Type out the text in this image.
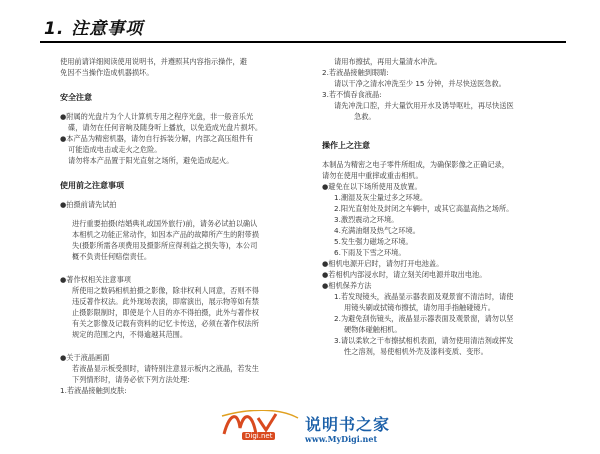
1. 注意事项

使用前请详细阅读使用说明书，并遵照其内容指示操作，避

免因不当操作造成机器损坏。

安全注意

●附属的光盘片为个人计算机专用之程序光盘，非一般音乐光

碟，请勿在任何音响及随身听上播放，以免造成光盘片损坏。

●本产品为精密机器，请勿自行拆装分解，内部之高压组件有

可能造成电击或走火之危险。

请勿将本产品置于阳光直射之场所，避免造成起火。

使用前之注意事项

●拍摄前请先试拍

进行重要拍摄(结婚典礼或国外旅行)前，请务必试拍以确认

本相机之功能正常动作，如因本产品的故障所产生的附带损

失(摄影所需各项费用及摄影所应得利益之损失等)，本公司

概不负责任何赔偿责任。

●著作权相关注意事项

所使用之数码相机拍摄之影像，除非权利人同意，否则不得

违反著作权法。此外现场表演，即席演出，展示物等如有禁

止摄影限制时，即使是个人目的亦不得拍摄，此外与著作权

有关之影像及记载有资料的记忆卡传送，必须在著作权法所

规定的范围之内，不得逾越其范围。

●关于液晶画面

若液晶显示板受损时，请特别注意显示板内之液晶，若发生

下列情形时，请务必依下列方法处理：

1.若液晶接触到皮肤:

请用布擦拭，再用大量清水冲洗。

2.若液晶接触到眼睛:

请以干净之清水冲洗至少 15 分钟，并尽快送医急救。

3.若不慎吞食液晶:

请先冲洗口腔，并大量饮用开水及诱导呕吐，再尽快送医

急救。

操作上之注意

本制品为精密之电子零件所组成，为确保影像之正确记录，

请勿在使用中重摔或重击相机。

●避免在以下场所使用及放置。

1.潮湿及灰尘量过多之环境。

2.阳光直射处及封闭之车辆中，或其它高温高热之场所。

3.激烈震动之环境。

4.充满油烟及热气之环境。

5.发生强力磁场之环境。

6.下雨及下雪之环境。

●相机电源开启时，请勿打开电池盖。

●若相机内部浸水时，请立刻关闭电源并取出电池。

●相机保养方法

1.若发现镜头，液晶显示器表面及观景窗不清洁时，请使

用镜头刷或拭镜布擦拭，请勿用手指触碰镜片。

2.为避免刮伤镜头，液晶显示器表面及观景窗，请勿以坚

硬物体碰触相机。

3.请以柔软之干布擦拭相机表面，请勿使用清洁剂或挥发

性之溶剂，易使相机外壳及漆料变质、变形。

Digi.net
说明书之家
www.MyDigi.net
